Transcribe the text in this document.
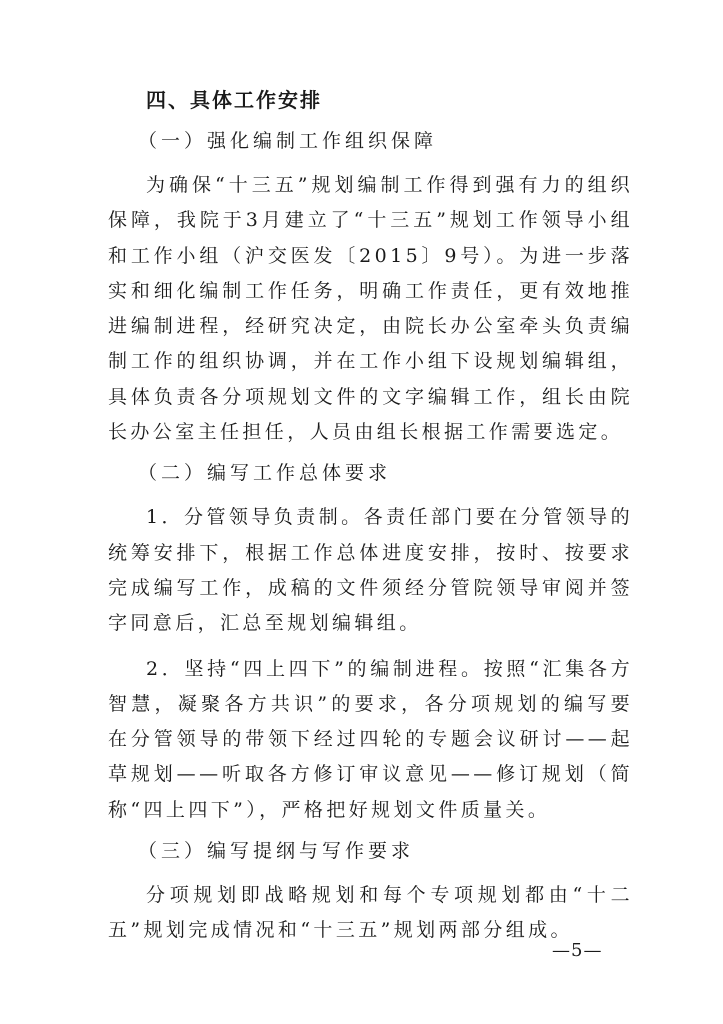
四、具体工作安排
（一）强化编制工作组织保障

为确保“十三五”规划编制工作得到强有力的组织保障，我院于3月建立了“十三五”规划工作领导小组和工作小组（沪交医发〔2015〕9号）。为进一步落实和细化编制工作任务，明确工作责任，更有效地推进编制进程，经研究决定，由院长办公室牵头负责编制工作的组织协调，并在工作小组下设规划编辑组，具体负责各分项规划文件的文字编辑工作，组长由院长办公室主任担任，人员由组长根据工作需要选定。

（二）编写工作总体要求

1．分管领导负责制。各责任部门要在分管领导的统筹安排下，根据工作总体进度安排，按时、按要求完成编写工作，成稿的文件须经分管院领导审阅并签字同意后，汇总至规划编辑组。

2．坚持“四上四下”的编制进程。按照“汇集各方智慧，凝聚各方共识”的要求，各分项规划的编写要在分管领导的带领下经过四轮的专题会议研讨——起草规划——听取各方修订审议意见——修订规划（简称“四上四下”），严格把好规划文件质量关。

（三）编写提纲与写作要求

分项规划即战略规划和每个专项规划都由“十二五”规划完成情况和“十三五”规划两部分组成。

—5—
